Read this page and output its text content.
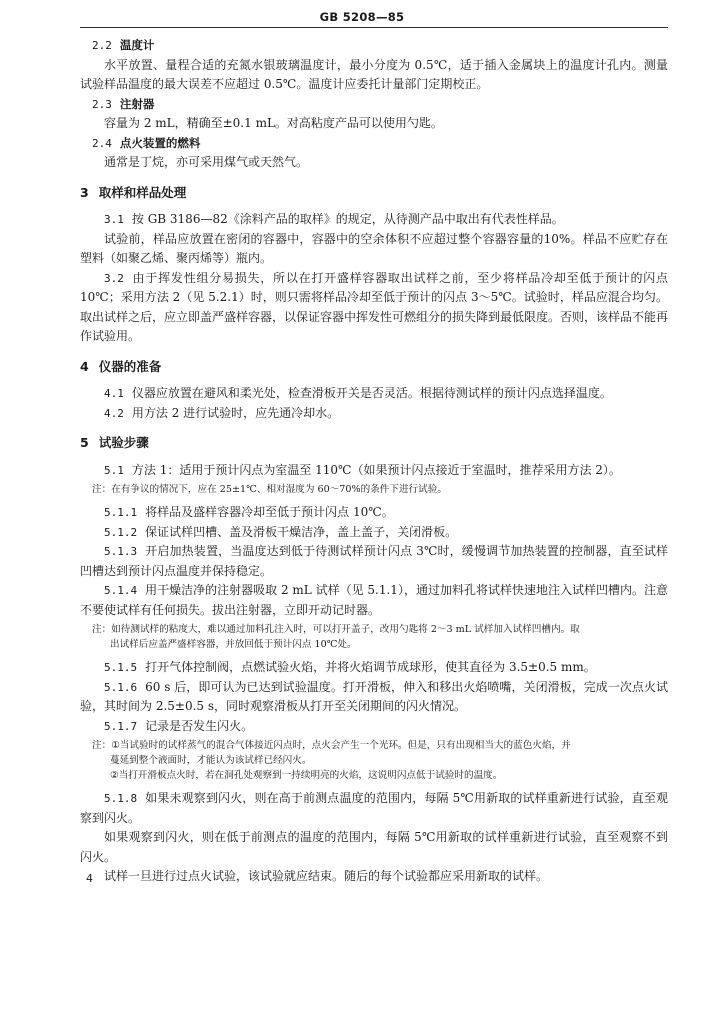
GB 5208—85

2.2 温度计

水平放置、量程合适的充氮水银玻璃温度计，最小分度为 0.5℃，适于插入金属块上的温度计孔内。测量试验样品温度的最大误差不应超过 0.5℃。温度计应委托计量部门定期校正。

2.3 注射器

容量为 2 mL，精确至±0.1 mL。对高粘度产品可以使用勺匙。

2.4 点火装置的燃料

通常是丁烷，亦可采用煤气或天然气。

3 取样和样品处理

3.1 按 GB 3186—82《涂料产品的取样》的规定，从待测产品中取出有代表性样品。

试验前，样品应放置在密闭的容器中，容器中的空余体积不应超过整个容器容量的10%。样品不应贮存在塑料（如聚乙烯、聚丙烯等）瓶内。

3.2 由于挥发性组分易损失，所以在打开盛样容器取出试样之前，至少将样品冷却至低于预计的闪点 10℃；采用方法 2（见 5.2.1）时，则只需将样品冷却至低于预计的闪点 3～5℃。试验时，样品应混合均匀。取出试样之后，应立即盖严盛样容器，以保证容器中挥发性可燃组分的损失降到最低限度。否则，该样品不能再作试验用。

4 仪器的准备

4.1 仪器应放置在避风和柔光处，检查滑板开关是否灵活。根据待测试样的预计闪点选择温度。

4.2 用方法 2 进行试验时，应先通冷却水。

5 试验步骤

5.1 方法 1：适用于预计闪点为室温至 110℃（如果预计闪点接近于室温时，推荐采用方法 2）。

注：在有争议的情况下，应在 25±1℃、相对湿度为 60～70%的条件下进行试验。

5.1.1 将样品及盛样容器冷却至低于预计闪点 10℃。

5.1.2 保证试样凹槽、盖及滑板干燥洁净，盖上盖子，关闭滑板。

5.1.3 开启加热装置，当温度达到低于待测试样预计闪点 3℃时，缓慢调节加热装置的控制器，直至试样凹槽达到预计闪点温度并保持稳定。

5.1.4 用干燥洁净的注射器吸取 2 mL 试样（见 5.1.1），通过加料孔将试样快速地注入试样凹槽内。注意不要使试样有任何损失。拔出注射器，立即开动记时器。

注：如待测试样的粘度大，难以通过加料孔注入时，可以打开盖子，改用勺匙将 2～3 mL 试样加入试样凹槽内。取
出试样后应盖严盛样容器，并放回低于预计闪点 10℃处。

5.1.5 打开气体控制阀，点燃试验火焰，并将火焰调节成球形，使其直径为 3.5±0.5 mm。

5.1.6 60 s 后，即可认为已达到试验温度。打开滑板，伸入和移出火焰喷嘴，关闭滑板，完成一次点火试验，其时间为 2.5±0.5 s，同时观察滑板从打开至关闭期间的闪火情况。

5.1.7 记录是否发生闪火。

注：①当试验时的试样蒸气的混合气体接近闪点时，点火会产生一个光环。但是，只有出现相当大的蓝色火焰，并
蔓延到整个液面时，才能认为该试样已经闪火。
②当打开滑板点火时，若在洞孔处观察到一持续明亮的火焰，这说明闪点低于试验时的温度。

5.1.8 如果未观察到闪火，则在高于前测点温度的范围内，每隔 5℃用新取的试样重新进行试验，直至观察到闪火。

如果观察到闪火，则在低于前测点的温度的范围内，每隔 5℃用新取的试样重新进行试验，直至观察不到闪火。

试样一旦进行过点火试验，该试验就应结束。随后的每个试验都应采用新取的试样。

4
